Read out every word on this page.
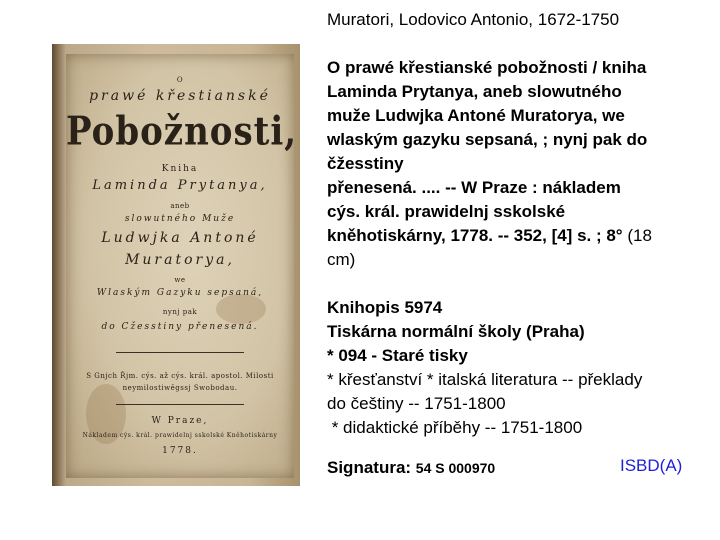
O
prawé křestianské
Pobožnosti,
Kniha
Laminda Prytanya,
aneb
slowutného Muže
Ludwjka Antoné
Muratorya,
we
Wlaským Gazyku sepsaná,
nynj pak
do Cžesstiny přenesená.
S Gnjch Řjm. cýs. až cýs. král. apostol. Milosti
neymilostiwěgssj Swobodau.
W Praze,
Nákladem cýs. král. prawidelnj sskolské Kněhotiskárny
1778.
Muratori, Lodovico Antonio, 1672-1750
O prawé křestianské pobožnosti / kniha
Laminda Prytanya, aneb slowutného
muže Ludwjka Antoné Muratorya, we
wlaským gazyku sepsaná, ; nynj pak do
čžesstiny
přenesená. .... -- W Praze : nákladem
cýs. král. prawidelnj sskolské
kněhotiskárny, 1778. -- 352, [4] s. ; 8° (18
cm)
Knihopis 5974
Tiskárna normální školy (Praha)
* 094 - Staré tisky
* křesťanství * italská literatura -- překlady
do češtiny -- 1751-1800
* didaktické příběhy -- 1751-1800
Signatura: 54 S 000970	ISBD(A)
